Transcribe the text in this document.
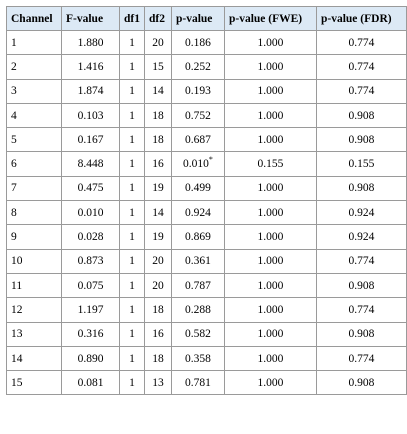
Channel	F-value	df1	df2	p-value	p-value (FWE)	p-value (FDR)
1	1.880	1	20	0.186	1.000	0.774
2	1.416	1	15	0.252	1.000	0.774
3	1.874	1	14	0.193	1.000	0.774
4	0.103	1	18	0.752	1.000	0.908
5	0.167	1	18	0.687	1.000	0.908
6	8.448	1	16	0.010*	0.155	0.155
7	0.475	1	19	0.499	1.000	0.908
8	0.010	1	14	0.924	1.000	0.924
9	0.028	1	19	0.869	1.000	0.924
10	0.873	1	20	0.361	1.000	0.774
11	0.075	1	20	0.787	1.000	0.908
12	1.197	1	18	0.288	1.000	0.774
13	0.316	1	16	0.582	1.000	0.908
14	0.890	1	18	0.358	1.000	0.774
15	0.081	1	13	0.781	1.000	0.908
